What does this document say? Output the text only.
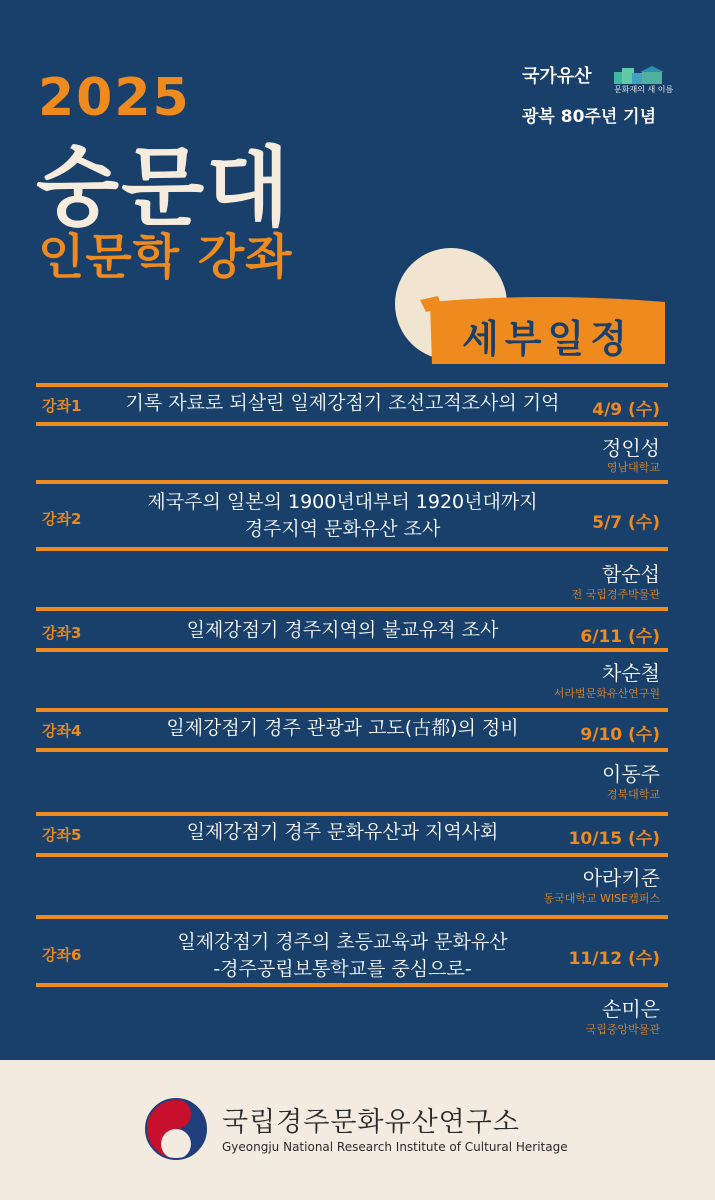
2025
숭문대
인문학 강좌
국가유산
문화재의 새 이름
광복 80주년 기념
세부일정
강좌1	기록 자료로 되살린 일제강점기 조선고적조사의 기억	4/9 (수)
정인성
영남대학교
강좌2
제국주의 일본의 1900년대부터 1920년대까지
경주지역 문화유산 조사	5/7 (수)
함순섭
전 국립경주박물관
강좌3	일제강점기 경주지역의 불교유적 조사	6/11 (수)
차순철
서라벌문화유산연구원
강좌4	일제강점기 경주 관광과 고도(古都)의 정비	9/10 (수)
이동주
경북대학교
강좌5	일제강점기 경주 문화유산과 지역사회	10/15 (수)
아라키준
동국대학교 WISE캠퍼스
강좌6
일제강점기 경주의 초등교육과 문화유산
-경주공립보통학교를 중심으로-	11/12 (수)
손미은
국립중앙박물관
국립경주문화유산연구소
Gyeongju National Research Institute of Cultural Heritage
